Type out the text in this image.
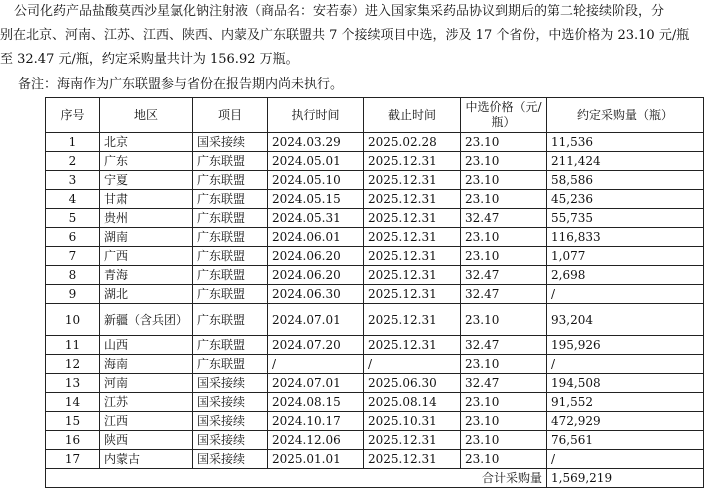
公司化药产品盐酸莫西沙星氯化钠注射液（商品名：安若泰）进入国家集采药品协议到期后的第二轮接续阶段，分
别在北京、河南、江苏、江西、陕西、内蒙及广东联盟共 7 个接续项目中选，涉及 17 个省份，中选价格为 23.10 元/瓶
至 32.47 元/瓶，约定采购量共计为 156.92 万瓶。
备注：海南作为广东联盟参与省份在报告期内尚未执行。
序号	地区	项目	执行时间	截止时间	中选价格（元/瓶）	约定采购量（瓶）
1	北京	国采接续	2024.03.29	2025.02.28	23.10	11,536
2	广东	广东联盟	2024.05.01	2025.12.31	23.10	211,424
3	宁夏	广东联盟	2024.05.10	2025.12.31	23.10	58,586
4	甘肃	广东联盟	2024.05.15	2025.12.31	23.10	45,236
5	贵州	广东联盟	2024.05.31	2025.12.31	32.47	55,735
6	湖南	广东联盟	2024.06.01	2025.12.31	23.10	116,833
7	广西	广东联盟	2024.06.20	2025.12.31	23.10	1,077
8	青海	广东联盟	2024.06.20	2025.12.31	32.47	2,698
9	湖北	广东联盟	2024.06.30	2025.12.31	32.47	/
10	新疆（含兵团）	广东联盟	2024.07.01	2025.12.31	23.10	93,204
11	山西	广东联盟	2024.07.20	2025.12.31	32.47	195,926
12	海南	广东联盟	/	/	23.10	/
13	河南	国采接续	2024.07.01	2025.06.30	32.47	194,508
14	江苏	国采接续	2024.08.15	2025.08.14	23.10	91,552
15	江西	国采接续	2024.10.17	2025.10.31	23.10	472,929
16	陕西	国采接续	2024.12.06	2025.12.31	23.10	76,561
17	内蒙古	国采接续	2025.01.01	2025.12.31	23.10	/
合计采购量						1,569,219
